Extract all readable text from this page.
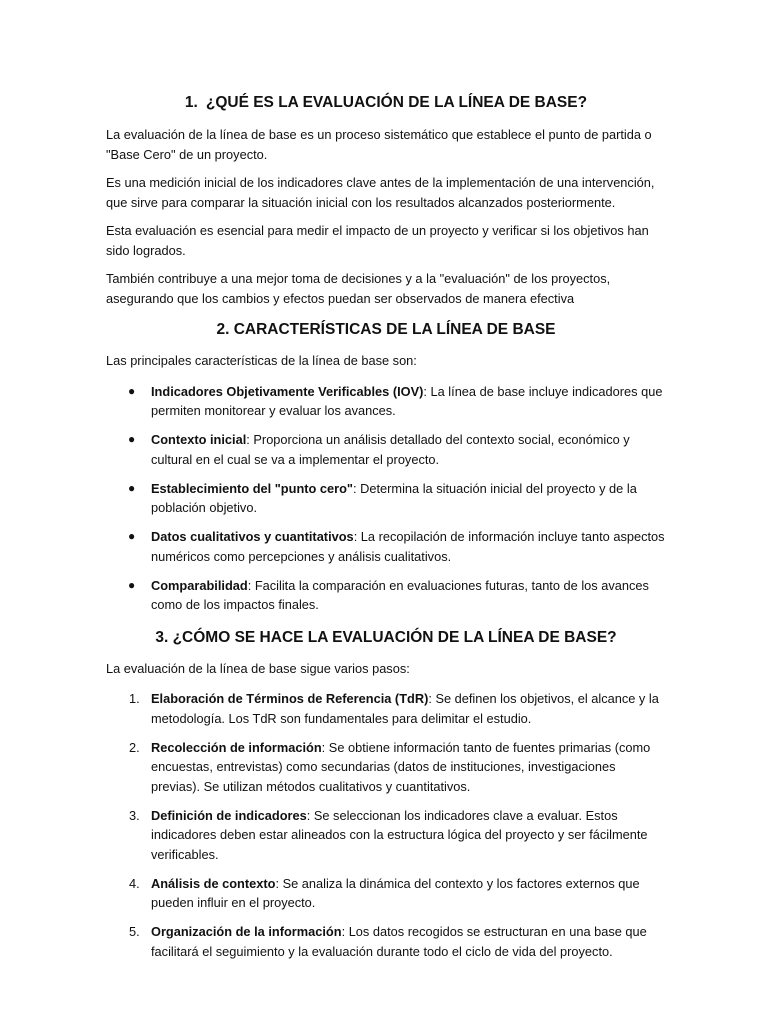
1. ¿QUÉ ES LA EVALUACIÓN DE LA LÍNEA DE BASE?

La evaluación de la línea de base es un proceso sistemático que establece el punto de partida o "Base Cero" de un proyecto.

Es una medición inicial de los indicadores clave antes de la implementación de una intervención, que sirve para comparar la situación inicial con los resultados alcanzados posteriormente.

Esta evaluación es esencial para medir el impacto de un proyecto y verificar si los objetivos han sido logrados.

También contribuye a una mejor toma de decisiones y a la "evaluación" de los proyectos, asegurando que los cambios y efectos puedan ser observados de manera efectiva

2. CARACTERÍSTICAS DE LA LÍNEA DE BASE

Las principales características de la línea de base son:

● Indicadores Objetivamente Verificables (IOV): La línea de base incluye indicadores que permiten monitorear y evaluar los avances.
● Contexto inicial: Proporciona un análisis detallado del contexto social, económico y cultural en el cual se va a implementar el proyecto.
● Establecimiento del "punto cero": Determina la situación inicial del proyecto y de la población objetivo.
● Datos cualitativos y cuantitativos: La recopilación de información incluye tanto aspectos numéricos como percepciones y análisis cualitativos.
● Comparabilidad: Facilita la comparación en evaluaciones futuras, tanto de los avances como de los impactos finales.
3. ¿CÓMO SE HACE LA EVALUACIÓN DE LA LÍNEA DE BASE?

La evaluación de la línea de base sigue varios pasos:

1. Elaboración de Términos de Referencia (TdR): Se definen los objetivos, el alcance y la metodología. Los TdR son fundamentales para delimitar el estudio.
2. Recolección de información: Se obtiene información tanto de fuentes primarias (como encuestas, entrevistas) como secundarias (datos de instituciones, investigaciones previas). Se utilizan métodos cualitativos y cuantitativos.
3. Definición de indicadores: Se seleccionan los indicadores clave a evaluar. Estos indicadores deben estar alineados con la estructura lógica del proyecto y ser fácilmente verificables.
4. Análisis de contexto: Se analiza la dinámica del contexto y los factores externos que pueden influir en el proyecto.
5. Organización de la información: Los datos recogidos se estructuran en una base que facilitará el seguimiento y la evaluación durante todo el ciclo de vida del proyecto.
